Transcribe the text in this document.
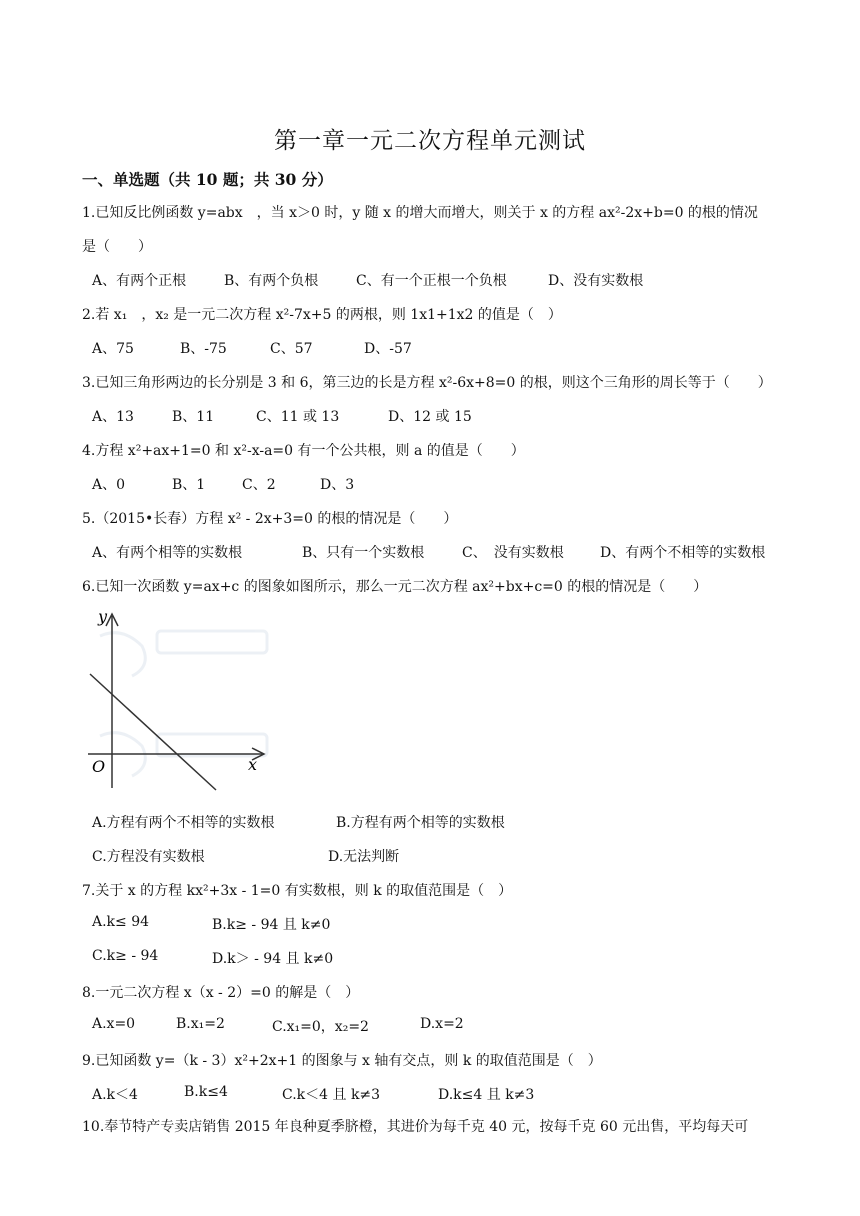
第一章一元二次方程单元测试
一、单选题（共 10 题；共 30 分）
1.已知反比例函数 y=abx　，当 x＞0 时，y 随 x 的增大而增大，则关于 x 的方程 ax²-2x+b=0 的根的情况
是（　　）
A、有两个正根	B、有两个负根	C、有一个正根一个负根	D、没有实数根
2.若 x₁　，x₂ 是一元二次方程 x²-7x+5 的两根，则 1x1+1x2 的值是（　）
A、75	B、-75	C、57	D、-57
3.已知三角形两边的长分别是 3 和 6，第三边的长是方程 x²-6x+8=0 的根，则这个三角形的周长等于（　　）
A、13	B、11	C、11 或 13	D、12 或 15
4.方程 x²+ax+1=0 和 x²-x-a=0 有一个公共根，则 a 的值是（　　）
A、0	B、1	C、2	D、3
5.（2015•长春）方程 x² - 2x+3=0 的根的情况是（　　）
A、有两个相等的实数根	B、只有一个实数根	C、　没有实数根	D、有两个不相等的实数根
6.已知一次函数 y=ax+c 的图象如图所示，那么一元二次方程 ax²+bx+c=0 的根的情况是（　　）
y
x
O
A.方程有两个不相等的实数根	B.方程有两个相等的实数根
C.方程没有实数根	D.无法判断
7.关于 x 的方程 kx²+3x - 1=0 有实数根，则 k 的取值范围是（　）
A.k≤ 94	B.k≥ - 94 且 k≠0
C.k≥ - 94	D.k＞ - 94 且 k≠0
8.一元二次方程 x（x - 2）=0 的解是（　）
A.x=0	B.x₁=2	C.x₁=0，x₂=2	D.x=2
9.已知函数 y=（k - 3）x²+2x+1 的图象与 x 轴有交点，则 k 的取值范围是（　）
A.k＜4	B.k≤4	C.k＜4 且 k≠3	D.k≤4 且 k≠3
10.奉节特产专卖店销售 2015 年良种夏季脐橙，其进价为每千克 40 元，按每千克 60 元出售，平均每天可
